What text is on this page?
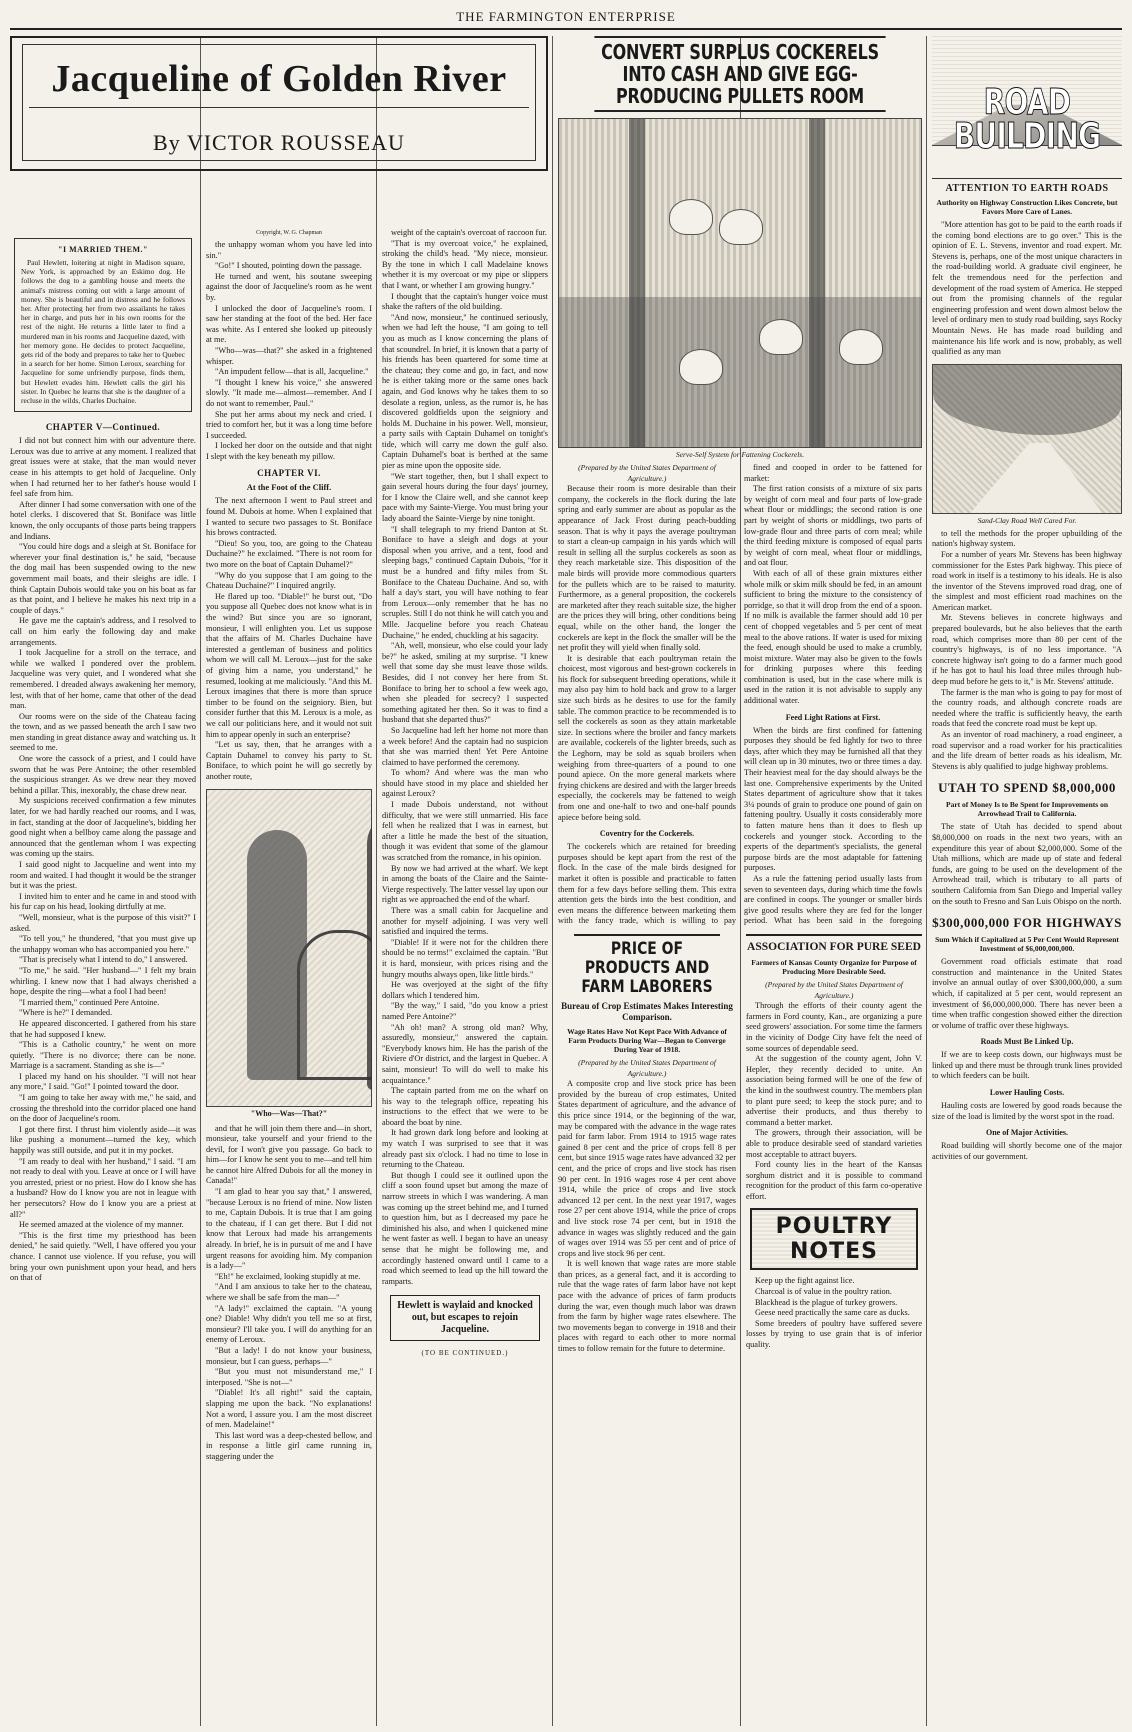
THE FARMINGTON ENTERPRISE
Jacqueline of Golden River
By VICTOR ROUSSEAU
"I MARRIED THEM."

Paul Hewlett, loitering at night in Madison square, New York, is approached by an Eskimo dog. He follows the dog to a gambling house and meets the animal's mistress coming out with a large amount of money. She is beautiful and in distress and he follows her. After protecting her from two assailants he takes her in charge, and puts her in his own rooms for the rest of the night. He returns a little later to find a murdered man in his rooms and Jacqueline dazed, with her memory gone. He decides to protect Jacqueline, gets rid of the body and prepares to take her to Quebec in a search for her home. Simon Leroux, searching for Jacqueline for some unfriendly purpose, finds them, but Hewlett evades him. Hewlett calls the girl his sister. In Quebec he learns that she is the daughter of a recluse in the wilds, Charles Duchaine.

CHAPTER V—Continued.

I did not but connect him with our adventure there. Leroux was due to arrive at any moment. I realized that great issues were at stake, that the man would never cease in his attempts to get hold of Jacqueline. Only when I had returned her to her father's house would I feel safe from him.

After dinner I had some conversation with one of the hotel clerks. I discovered that St. Boniface was little known, the only occupants of those parts being trappers and Indians.

"You could hire dogs and a sleigh at St. Boniface for wherever your final destination is," he said, "because the dog mail has been suspended owing to the new government mail boats, and their sleighs are idle. I think Captain Dubois would take you on his boat as far as that point, and I believe he makes his next trip in a couple of days."

He gave me the captain's address, and I resolved to call on him early the following day and make arrangements.

I took Jacqueline for a stroll on the terrace, and while we walked I pondered over the problem. Jacqueline was very quiet, and I wondered what she remembered. I dreaded always awakening her memory, lest, with that of her home, came that other of the dead man.

Our rooms were on the side of the Chateau facing the town, and as we passed beneath the arch I saw two men standing in great distance away and watching us. It seemed to me.

One wore the cassock of a priest, and I could have sworn that he was Pere Antoine; the other resembled the suspicious stranger. As we drew near they moved behind a pillar. This, inexorably, the chase drew near.

My suspicions received confirmation a few minutes later, for we had hardly reached our rooms, and I was, in fact, standing at the door of Jacqueline's, bidding her good night when a bellboy came along the passage and announced that the gentleman whom I was expecting was coming up the stairs.

I said good night to Jacqueline and went into my room and waited. I had thought it would be the stranger but it was the priest.

I invited him to enter and he came in and stood with his fur cap on his head, looking dirtfully at me.

"Well, monsieur, what is the purpose of this visit?" I asked.

"To tell you," he thundered, "that you must give up the unhappy woman who has accompanied you here."

"That is precisely what I intend to do," I answered.

"To me," he said. "Her husband—" I felt my brain whirling. I knew now that I had always cherished a hope, despite the ring—what a fool I had been!

"I married them," continued Pere Antoine.

"Where is he?" I demanded.

He appeared disconcerted. I gathered from his stare that he had supposed I knew.

"This is a Catholic country," he went on more quietly. "There is no divorce; there can be none. Marriage is a sacrament. Standing as she is—"

I placed my hand on his shoulder. "I will not hear any more," I said. "Go!" I pointed toward the door.

"I am going to take her away with me," he said, and crossing the threshold into the corridor placed one hand on the door of Jacqueline's room.

I got there first. I thrust him violently aside—it was like pushing a monument—turned the key, which happily was still outside, and put it in my pocket.

"I am ready to deal with her husband," I said. "I am not ready to deal with you. Leave at once or I will have you arrested, priest or no priest. How do I know she has a husband? How do I know you are not in league with her persecutors? How do I know you are a priest at all?"

He seemed amazed at the violence of my manner.

"This is the first time my priesthood has been denied," he said quietly. "Well, I have offered you your chance. I cannot use violence. If you refuse, you will bring your own punishment upon your head, and hers on that of

Copyright, W. G. Chapman

the unhappy woman whom you have led into sin."

"Go!" I shouted, pointing down the passage.

He turned and went, his soutane sweeping against the door of Jacqueline's room as he went by.

I unlocked the door of Jacqueline's room. I saw her standing at the foot of the bed. Her face was white. As I entered she looked up piteously at me.

"Who—was—that?" she asked in a frightened whisper.

"An impudent fellow—that is all, Jacqueline."

"I thought I knew his voice," she answered slowly. "It made me—almost—remember. And I do not want to remember, Paul."

She put her arms about my neck and cried. I tried to comfort her, but it was a long time before I succeeded.

I locked her door on the outside and that night I slept with the key beneath my pillow.

CHAPTER VI.
At the Foot of the Cliff.

The next afternoon I went to Paul street and found M. Dubois at home. When I explained that I wanted to secure two passages to St. Boniface his brows contracted.

"Dieu! So you, too, are going to the Chateau Duchaine?" he exclaimed. "There is not room for two more on the boat of Captain Duhamel?"

"Why do you suppose that I am going to the Chateau Duchaine?" I inquired angrily.

He flared up too. "Diable!" he burst out, "Do you suppose all Quebec does not know what is in the wind? But since you are so ignorant, monsieur, I will enlighten you. Let us suppose that the affairs of M. Charles Duchaine have interested a gentleman of business and politics whom we will call M. Leroux—just for the sake of giving him a name, you understand," he resumed, looking at me maliciously. "And this M. Leroux imagines that there is more than spruce timber to be found on the seigniory. Bien, but consider further that this M. Leroux is a mole, as we call our politicians here, and it would not suit him to appear openly in such an enterprise?

"Let us say, then, that he arranges with a Captain Duhamel to convey his party to St. Boniface, to which point he will go secretly by another route,

"Who—Was—That?"

and that he will join them there and—in short, monsieur, take yourself and your friend to the devil, for I won't give you passage. Go back to him—for I know he sent you to me—and tell him he cannot hire Alfred Dubois for all the money in Canada!"

"I am glad to hear you say that," I answered, "because Leroux is no friend of mine. Now listen to me, Captain Dubois. It is true that I am going to the chateau, if I can get there. But I did not know that Leroux had made his arrangements already. In brief, he is in pursuit of me and I have urgent reasons for avoiding him. My companion is a lady—"

"Eh!" he exclaimed, looking stupidly at me.

"And I am anxious to take her to the chateau, where we shall be safe from the man—"

"A lady!" exclaimed the captain. "A young one? Diable! Why didn't you tell me so at first, monsieur? I'll take you. I will do anything for an enemy of Leroux.

"But a lady! I do not know your business, monsieur, but I can guess, perhaps—"

"But you must not misunderstand me," I interposed. "She is not—"

"Diable! It's all right!" said the captain, slapping me upon the back. "No explanations! Not a word, I assure you. I am the most discreet of men. Madelaine!"

This last word was a deep-chested bellow, and in response a little girl came running in, staggering under the

weight of the captain's overcoat of raccoon fur.

"That is my overcoat voice," he explained, stroking the child's head. "My niece, monsieur. By the tone in which I call Madelaine knows whether it is my overcoat or my pipe or slippers that I want, or whether I am growing hungry."

I thought that the captain's hunger voice must shake the rafters of the old building.

"And now, monsieur," he continued seriously, when we had left the house, "I am going to tell you as much as I know concerning the plans of that scoundrel. In brief, it is known that a party of his friends has been quartered for some time at the chateau; they come and go, in fact, and now he is either taking more or the same ones back again, and God knows why he takes them to so desolate a region, unless, as the rumor is, he has discovered goldfields upon the seigniory and holds M. Duchaine in his power. Well, monsieur, a party sails with Captain Duhamel on tonight's tide, which will carry me down the gulf also. Captain Duhamel's boat is berthed at the same pier as mine upon the opposite side.

"We start together, then, but I shall expect to gain several hours during the four days' journey, for I know the Claire well, and she cannot keep pace with my Sainte-Vierge. You must bring your lady aboard the Sainte-Vierge by nine tonight.

"I shall telegraph to my friend Danton at St. Boniface to have a sleigh and dogs at your disposal when you arrive, and a tent, food and sleeping bags," continued Captain Dubois, "for it must be a hundred and fifty miles from St. Boniface to the Chateau Duchaine. And so, with half a day's start, you will have nothing to fear from Leroux—only remember that he has no scruples. Still I do not think he will catch you and Mlle. Jacqueline before you reach Chateau Duchaine," he ended, chuckling at his sagacity.

"Ah, well, monsieur, who else could your lady be?" he asked, smiling at my surprise. "I knew well that some day she must leave those wilds. Besides, did I not convey her here from St. Boniface to bring her to school a few week ago, when she pleaded for secrecy? I suspected something agitated her then. So it was to find a husband that she departed thus?"

So Jacqueline had left her home not more than a week before! And the captain had no suspicion that she was married then! Yet Pere Antoine claimed to have performed the ceremony.

To whom? And where was the man who should have stood in my place and shielded her against Leroux?

I made Dubois understand, not without difficulty, that we were still unmarried. His face fell when he realized that I was in earnest, but after a little he made the best of the situation, though it was evident that some of the glamour was scratched from the romance, in his opinion.

By now we had arrived at the wharf. We kept in among the boats of the Claire and the Sainte-Vierge respectively. The latter vessel lay upon our right as we approached the end of the wharf.

There was a small cabin for Jacqueline and another for myself adjoining. I was very well satisfied and inquired the terms.

"Diable! If it were not for the children there should be no terms!" exclaimed the captain. "But it is hard, monsieur, with prices rising and the hungry mouths always open, like little birds."

He was overjoyed at the sight of the fifty dollars which I tendered him.

"By the way," I said, "do you know a priest named Pere Antoine?"

"Ah oh! man? A strong old man? Why, assuredly, monsieur," answered the captain. "Everybody knows him. He has the parish of the Riviere d'Or district, and the largest in Quebec. A saint, monsieur! To will do well to make his acquaintance."

The captain parted from me on the wharf on his way to the telegraph office, repeating his instructions to the effect that we were to be aboard the boat by nine.

It had grown dark long before and looking at my watch I was surprised to see that it was already past six o'clock. I had no time to lose in returning to the Chateau.

But though I could see it outlined upon the cliff a soon found upset but among the maze of narrow streets in which I was wandering. A man was coming up the street behind me, and I turned to question him, but as I decreased my pace he diminished his also, and when I quickened mine he went faster as well. I began to have an uneasy sense that he might be following me, and accordingly hastened onward until I came to a road which seemed to lead up the hill toward the ramparts.

Hewlett is waylaid and knocked out, but escapes to rejoin Jacqueline.
(TO BE CONTINUED.)
CONVERT SURPLUS COCKERELS INTO CASH AND GIVE EGG-PRODUCING PULLETS ROOM
Serve-Self System for Fattening Cockerels.

(Prepared by the United States Department of Agriculture.)

Because their room is more desirable than their company, the cockerels in the flock during the late spring and early summer are about as popular as the appearance of Jack Frost during peach-budding season. That is why it pays the average poultryman to start a clean-up campaign in his yards which will result in selling all the surplus cockerels as soon as they reach marketable size. This disposition of the male birds will provide more commodious quarters for the pullets which are to be raised to maturity. Furthermore, as a general proposition, the cockerels are marketed after they reach suitable size, the higher are the prices they will bring, other conditions being equal, while on the other hand, the longer the cockerels are kept in the flock the smaller will be the net profit they will yield when finally sold.

It is desirable that each poultryman retain the choicest, most vigorous and best-grown cockerels in his flock for subsequent breeding operations, while it may also pay him to hold back and grow to a larger size such birds as he desires to use for the family table. The common practice to be recommended is to sell the cockerels as soon as they attain marketable size. In sections where the broiler and fancy markets are available, cockerels of the lighter breeds, such as the Leghorn, may be sold as squab broilers when weighing from three-quarters of a pound to one pound apiece. On the more general markets where frying chickens are desired and with the larger breeds especially, the cockerels may be fattened to weigh from one and one-half to two and one-half pounds apiece before being sold.

Coventry for the Cockerels.

The cockerels which are retained for breeding purposes should be kept apart from the rest of the flock. In the case of the male birds designed for market it often is possible and practicable to fatten them for a few days before selling them. This extra attention gets the birds into the best condition, and even means the difference between marketing them with the fancy trade, which is willing to pay

fined and cooped in order to be fattened for market:

The first ration consists of a mixture of six parts by weight of corn meal and four parts of low-grade wheat flour or middlings; the second ration is one part by weight of shorts or middlings, two parts of low-grade flour and three parts of corn meal; while the third feeding mixture is composed of equal parts by weight of corn meal, wheat flour or middlings, and oat flour.

With each of all of these grain mixtures either whole milk or skim milk should be fed, in an amount sufficient to bring the mixture to the consistency of porridge, so that it will drop from the end of a spoon. If no milk is available the farmer should add 10 per cent of chopped vegetables and 5 per cent of meat meal to the above rations. If water is used for mixing the feed, enough should be used to make a crumbly, moist mixture. Water may also be given to the fowls for drinking purposes where this feeding combination is used, but in the case where milk is used in the ration it is not advisable to supply any additional water.

Feed Light Rations at First.

When the birds are first confined for fattening purposes they should be fed lightly for two to three days, after which they may be furnished all that they will clean up in 30 minutes, two or three times a day. Their heaviest meal for the day should always be the last one. Comprehensive experiments by the United States department of agriculture show that it takes 3¼ pounds of grain to produce one pound of gain on fattening poultry. Usually it costs considerably more to fatten mature hens than it does to flesh up cockerels and younger stock. According to the experts of the department's specialists, the general purpose birds are the most adaptable for fattening purposes.

As a rule the fattening period usually lasts from seven to seventeen days, during which time the fowls are confined in coops. The younger or smaller birds give good results where they are fed for the longer period. What has been said in the foregoing

PRICE OF PRODUCTS AND FARM LABORERS
Bureau of Crop Estimates Makes Interesting Comparison.
Wage Rates Have Not Kept Pace With Advance of Farm Products During War—Began to Converge During Year of 1918.

(Prepared by the United States Department of Agriculture.)

A composite crop and live stock price has been provided by the bureau of crop estimates, United States department of agriculture, and the advance of this price since 1914, or the beginning of the war, may be compared with the advance in the wage rates paid for farm labor. From 1914 to 1915 wage rates gained 8 per cent and the price of crops fell 8 per cent, but since 1915 wage rates have advanced 32 per cent, and the price of crops and live stock has risen 90 per cent. In 1916 wages rose 4 per cent above 1914, while the price of crops and live stock advanced 12 per cent. In the next year 1917, wages rose 27 per cent above 1914, while the price of crops and live stock rose 74 per cent, but in 1918 the advance in wages was slightly reduced and the gain of wages over 1914 was 55 per cent and of price of crops and live stock 96 per cent.

It is well known that wage rates are more stable than prices, as a general fact, and it is according to rule that the wage rates of farm labor have not kept pace with the advance of prices of farm products during the war, even though much labor was drawn from the farm by higher wage rates elsewhere. The two movements began to converge in 1918 and their places with regard to each other to more normal times to follow remain for the future to determine.

ASSOCIATION FOR PURE SEED
Farmers of Kansas County Organize for Purpose of Producing More Desirable Seed.

(Prepared by the United States Department of Agriculture.)

Through the efforts of their county agent the farmers in Ford county, Kan., are organizing a pure seed growers' association. For some time the farmers in the vicinity of Dodge City have felt the need of some sources of dependable seed.

At the suggestion of the county agent, John V. Hepler, they recently decided to unite. An association being formed will be one of the few of the kind in the southwest country. The members plan to plant pure seed; to keep the stock pure; and to advertise their products, and thus thereby to command a better market.

The growers, through their association, will be able to produce desirable seed of standard varieties most acceptable to attract buyers.

Ford county lies in the heart of the Kansas sorghum district and it is possible to command recognition for the product of this farm co-operative effort.

POULTRY NOTES

Keep up the fight against lice.

Charcoal is of value in the poultry ration.

Blackhead is the plague of turkey growers.

Geese need practically the same care as ducks.

Some breeders of poultry have suffered severe losses by trying to use grain that is of inferior quality.

ROAD BUILDING
ATTENTION TO EARTH ROADS
Authority on Highway Construction Likes Concrete, but Favors More Care of Lanes.

"More attention has got to be paid to the earth roads if the coming bond elections are to go over." This is the opinion of E. L. Stevens, inventor and road expert. Mr. Stevens is, perhaps, one of the most unique characters in the road-building world. A graduate civil engineer, he felt the tremendous need for the perfection and development of the road system of America. He stepped out from the promising channels of the regular engineering profession and went down almost below the level of ordinary men to study road building, says Rocky Mountain News. He has made road building and maintenance his life work and is now, probably, as well qualified as any man

Sand-Clay Road Well Cared For.

to tell the methods for the proper upbuilding of the nation's highway system.

For a number of years Mr. Stevens has been highway commissioner for the Estes Park highway. This piece of road work in itself is a testimony to his ideals. He is also the inventor of the Stevens improved road drag, one of the simplest and most efficient road machines on the American market.

Mr. Stevens believes in concrete highways and prepared boulevards, but he also believes that the earth road, which comprises more than 80 per cent of the country's highways, is of no less importance. "A concrete highway isn't going to do a farmer much good if he has got to haul his load three miles through hub-deep mud before he gets to it," is Mr. Stevens' attitude.

The farmer is the man who is going to pay for most of the country roads, and although concrete roads are needed where the traffic is sufficiently heavy, the earth roads that feed the concrete road must be kept up.

As an inventor of road machinery, a road engineer, a road supervisor and a road worker for his practicalities and the life dream of better roads as his idealism, Mr. Stevens is ably qualified to judge highway problems.

UTAH TO SPEND $8,000,000
Part of Money Is to Be Spent for Improvements on Arrowhead Trail to California.

The state of Utah has decided to spend about $8,000,000 on roads in the next two years, with an expenditure this year of about $2,000,000. Some of the Utah millions, which are made up of state and federal funds, are going to be used on the development of the Arrowhead trail, which is tributary to all parts of southern California from San Diego and Imperial valley on the south to Fresno and San Luis Obispo on the north.

$300,000,000 FOR HIGHWAYS
Sum Which if Capitalized at 5 Per Cent Would Represent Investment of $6,000,000,000.

Government road officials estimate that road construction and maintenance in the United States involve an annual outlay of over $300,000,000, a sum which, if capitalized at 5 per cent, would represent an investment of $6,000,000,000. There has never been a time when traffic congestion showed either the direction or volume of traffic over these highways.

Roads Must Be Linked Up.

If we are to keep costs down, our highways must be linked up and there must be through trunk lines provided to which feeders can be built.

Lower Hauling Costs.

Hauling costs are lowered by good roads because the size of the load is limited by the worst spot in the road.

One of Major Activities.

Road building will shortly become one of the major activities of our government.
